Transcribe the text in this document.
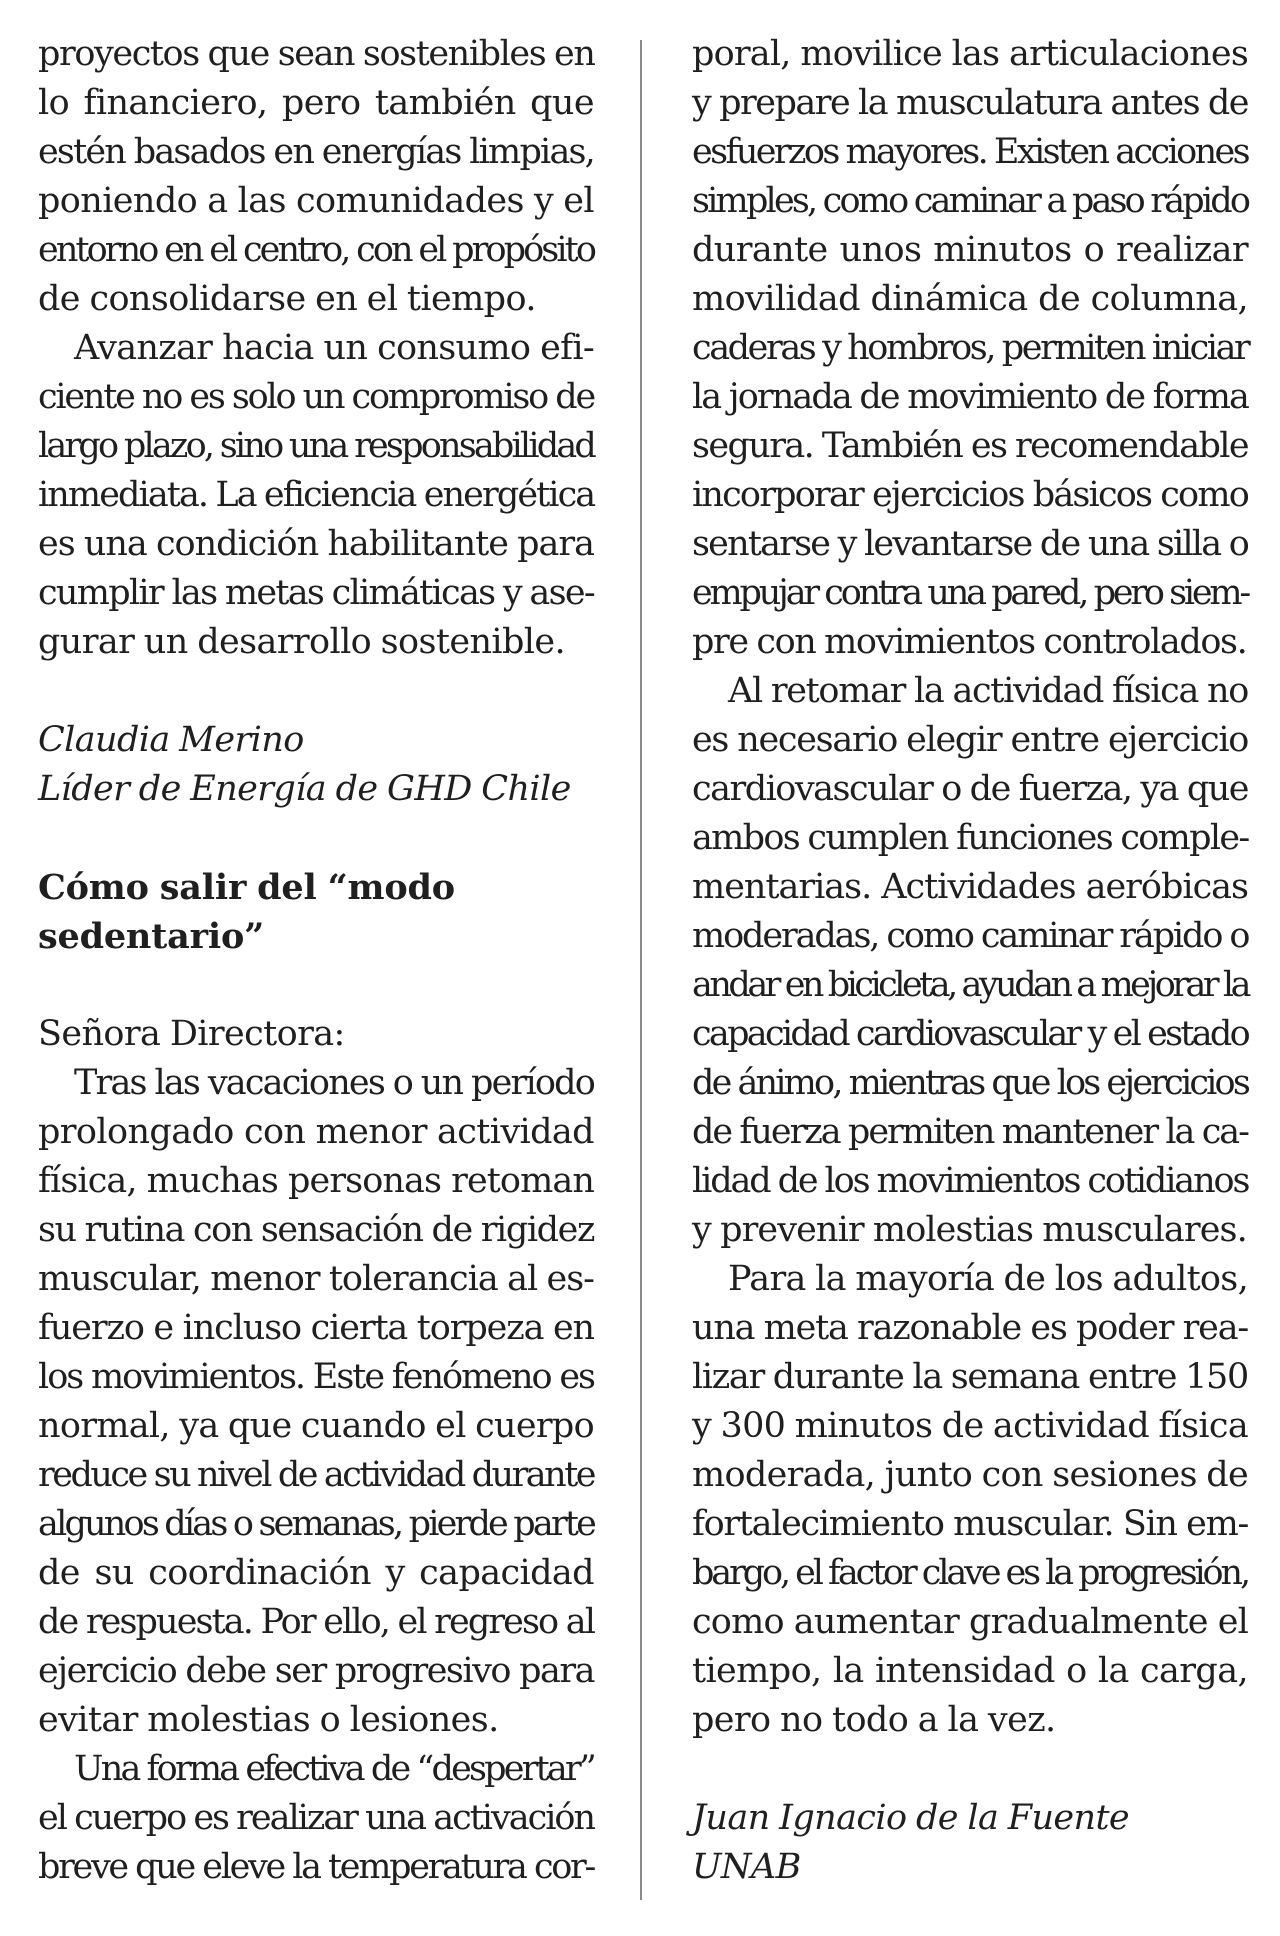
proyectos que sean sostenibles en
lo financiero, pero también que
estén basados en energías limpias,
poniendo a las comunidades y el
entorno en el centro, con el propósito
de consolidarse en el tiempo.
Avanzar hacia un consumo efi-
ciente no es solo un compromiso de
largo plazo, sino una responsabilidad
inmediata. La eficiencia energética
es una condición habilitante para
cumplir las metas climáticas y ase-
gurar un desarrollo sostenible.
Claudia Merino
Líder de Energía de GHD Chile
Cómo salir del “modo
sedentario”
Señora Directora:
Tras las vacaciones o un período
prolongado con menor actividad
física, muchas personas retoman
su rutina con sensación de rigidez
muscular, menor tolerancia al es-
fuerzo e incluso cierta torpeza en
los movimientos. Este fenómeno es
normal, ya que cuando el cuerpo
reduce su nivel de actividad durante
algunos días o semanas, pierde parte
de su coordinación y capacidad
de respuesta. Por ello, el regreso al
ejercicio debe ser progresivo para
evitar molestias o lesiones.
Una forma efectiva de “despertar”
el cuerpo es realizar una activación
breve que eleve la temperatura cor-
poral, movilice las articulaciones
y prepare la musculatura antes de
esfuerzos mayores. Existen acciones
simples, como caminar a paso rápido
durante unos minutos o realizar
movilidad dinámica de columna,
caderas y hombros, permiten iniciar
la jornada de movimiento de forma
segura. También es recomendable
incorporar ejercicios básicos como
sentarse y levantarse de una silla o
empujar contra una pared, pero siem-
pre con movimientos controlados.
Al retomar la actividad física no
es necesario elegir entre ejercicio
cardiovascular o de fuerza, ya que
ambos cumplen funciones comple-
mentarias. Actividades aeróbicas
moderadas, como caminar rápido o
andar en bicicleta, ayudan a mejorar la
capacidad cardiovascular y el estado
de ánimo, mientras que los ejercicios
de fuerza permiten mantener la ca-
lidad de los movimientos cotidianos
y prevenir molestias musculares.
Para la mayoría de los adultos,
una meta razonable es poder rea-
lizar durante la semana entre 150
y 300 minutos de actividad física
moderada, junto con sesiones de
fortalecimiento muscular. Sin em-
bargo, el factor clave es la progresión,
como aumentar gradualmente el
tiempo, la intensidad o la carga,
pero no todo a la vez.
Juan Ignacio de la Fuente
UNAB
